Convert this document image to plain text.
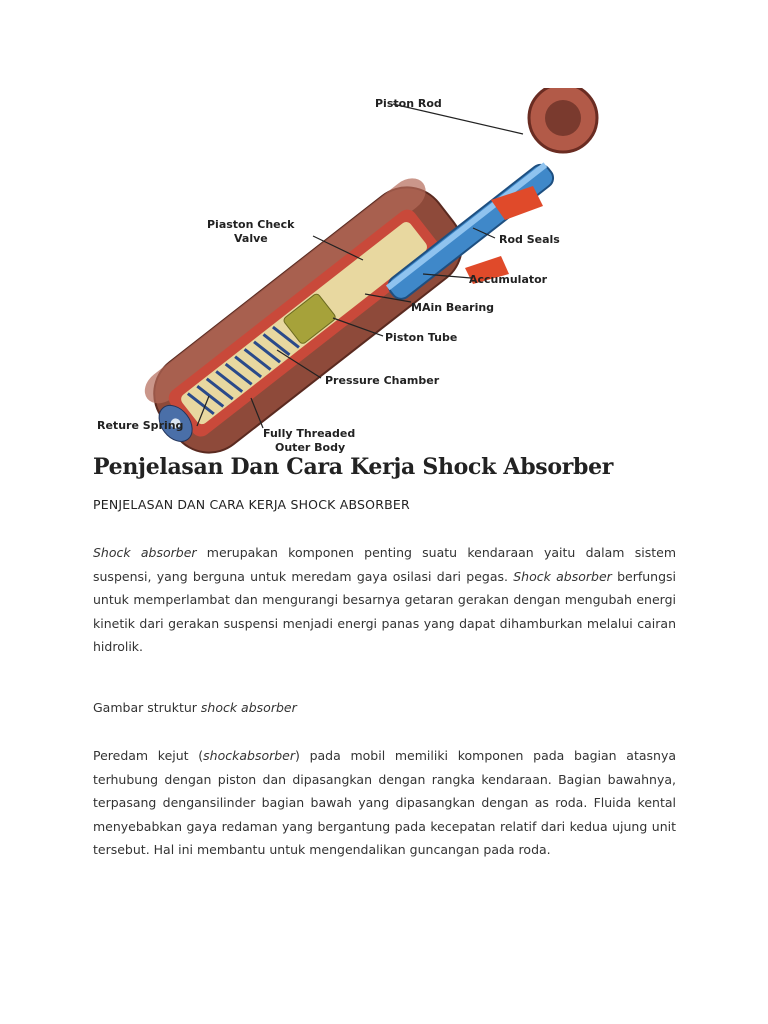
Piston Rod
Piaston Check
Valve	Rod Seals
Accumulator
MAin Bearing
Piston Tube
Pressure Chamber
Reture Spring
Fully Threaded
Outer Body
Penjelasan Dan Cara Kerja Shock Absorber
PENJELASAN DAN CARA KERJA SHOCK ABSORBER

Shock absorber merupakan komponen penting suatu kendaraan yaitu dalam sistem suspensi, yang berguna untuk meredam gaya osilasi dari pegas. Shock absorber berfungsi untuk memperlambat dan mengurangi besarnya getaran gerakan dengan mengubah energi kinetik dari gerakan suspensi menjadi energi panas yang dapat dihamburkan melalui cairan hidrolik.

Gambar struktur shock absorber

Peredam kejut (shockabsorber) pada mobil memiliki komponen pada bagian atasnya terhubung dengan piston dan dipasangkan dengan rangka kendaraan. Bagian bawahnya, terpasang dengansilinder bagian bawah yang dipasangkan dengan as roda. Fluida kental menyebabkan gaya redaman yang bergantung pada kecepatan relatif dari kedua ujung unit tersebut. Hal ini membantu untuk mengendalikan guncangan pada roda.
